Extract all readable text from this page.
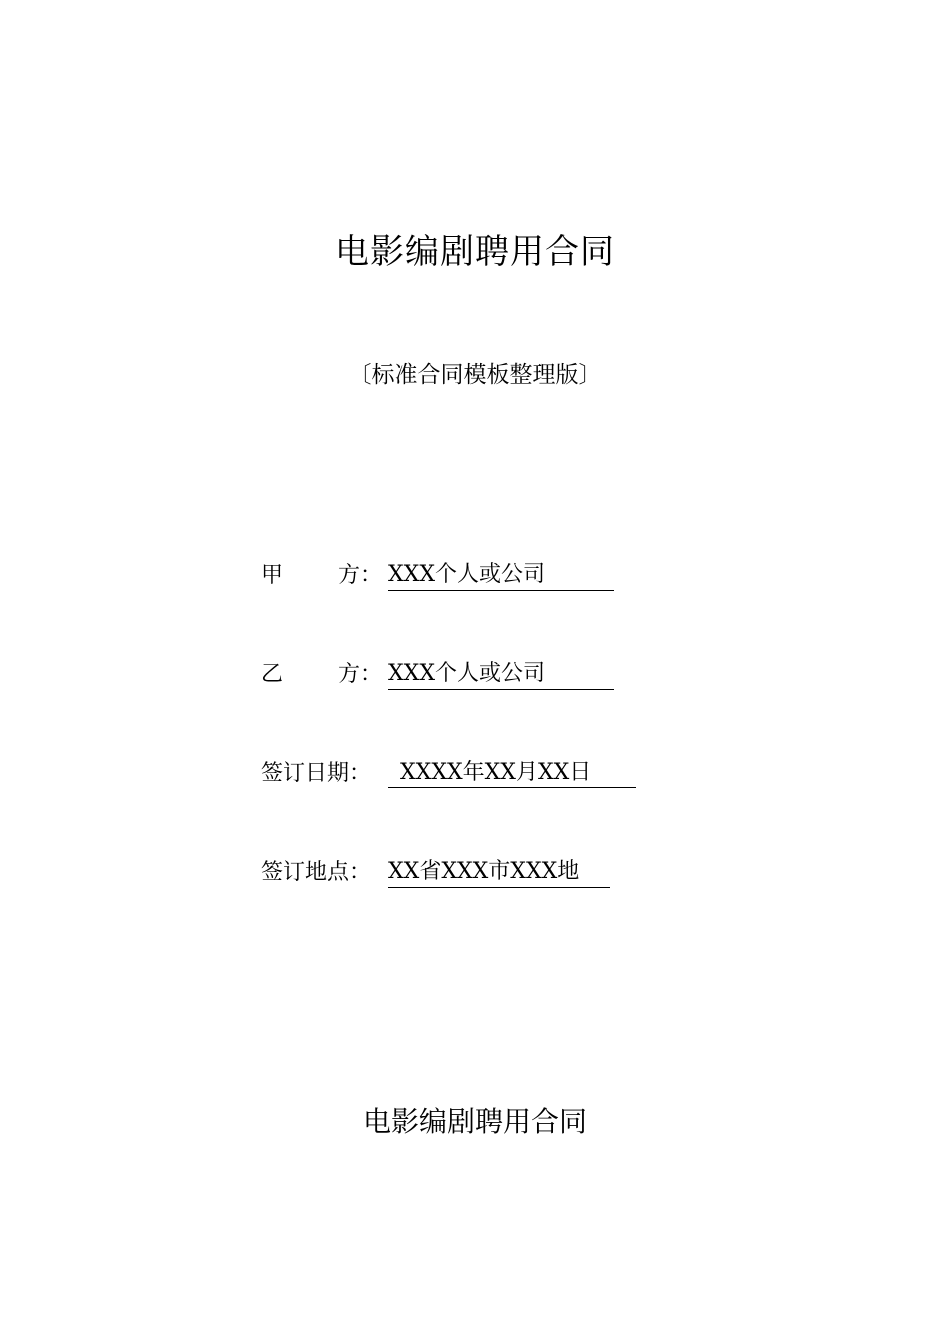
电影编剧聘用合同
〔标准合同模板整理版〕
甲 方： XXX个人或公司
乙 方： XXX个人或公司
签订日期： XXXX年XX月XX日
签订地点： XX省XXX市XXX地
电影编剧聘用合同
